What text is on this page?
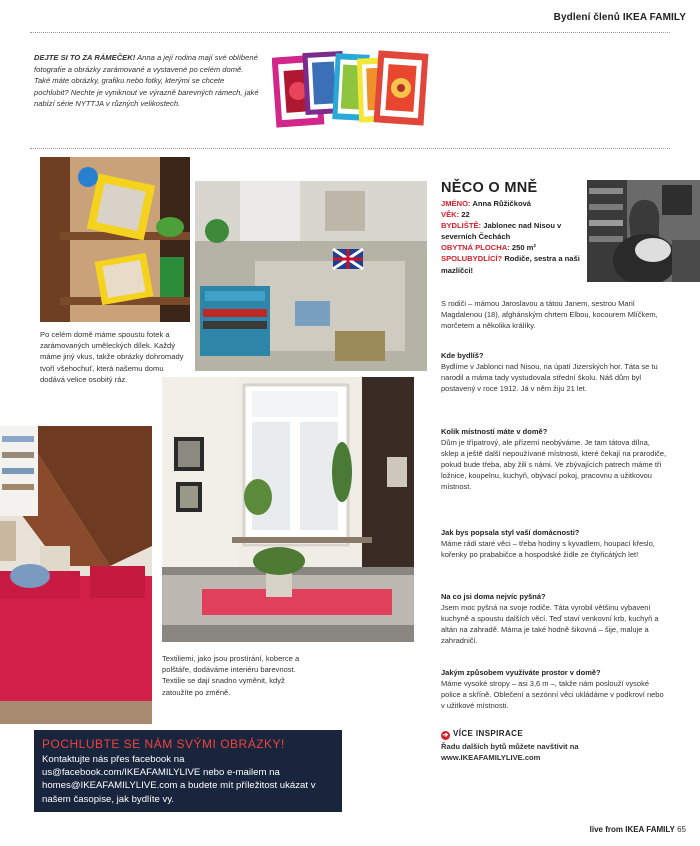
Bydlení členů IKEA FAMILY
DEJTE SI TO ZA RÁMEČEK! Anna a její rodina mají své oblíbené fotografie a obrázky zarámované a vystavené po celém domě. Také máte obrázky, grafiku nebo fotky, kterými se chcete pochlubit? Nechte je vyniknout ve výrazně barevných rámech, jaké nabízí série NYTTJA v různých velikostech.
Po celém domě máme spoustu fotek a zarámovaných uměleckých dílek. Každý máme jiný vkus, takže obrázky dohromady tvoří všehochuť, která našemu domu dodává velice osobitý ráz.
Textiliemi, jako jsou prostírání, koberce a polštáře, dodáváme interiéru barevnost. Textilie se dají snadno vyměnit, když zatoužíte po změně.
NĚCO O MNĚ
JMÉNO: Anna Růžičková
VĚK: 22
BYDLIŠTĚ: Jablonec nad Nisou v severních Čechách
OBYTNÁ PLOCHA: 250 m²
SPOLUBYDLÍCÍ? Rodiče, sestra a naši mazlíčci!
S rodiči – mámou Jaroslavou a tátou Janem, sestrou Marií Magdalenou (18), afghánským chrtem Elbou, kocourem Mlíčkem, morčetem a několika králíky.
Kde bydlíš?
Bydlíme v Jablonci nad Nisou, na úpatí Jizerských hor. Táta se tu narodil a máma tady vystudovala střední školu. Náš dům byl postavený v roce 1912. Já v něm žiju 21 let.
Kolik místností máte v domě?
Dům je třípatrový, ale přízemí neobýváme. Je tam tátova dílna, sklep a ještě další nepoužívané místnosti, které čekají na prarodiče, pokud bude třeba, aby žili s námi. Ve zbývajících patrech máme tři ložnice, koupelnu, kuchyň, obývací pokoj, pracovnu a užitkovou místnost.
Jak bys popsala styl vaší domácnosti?
Máme rádi staré věci – třeba hodiny s kyvadlem, houpací křeslo, kořenky po prababičce a hospodské židle ze čtyřicátých let!
Na co jsi doma nejvíc pyšná?
Jsem moc pyšná na svoje rodiče. Táta vyrobil většinu vybavení kuchyně a spoustu dalších věcí. Teď staví venkovní krb, kuchyň a altán na zahradě. Máma je také hodně šikovná – šije, maluje a zahradničí.
Jakým způsobem využíváte prostor v domě?
Máme vysoké stropy – asi 3,6 m –, takže nám poslouží vysoké police a skříně. Oblečení a sezónní věci ukládáme v podkroví nebo v užitkové místnosti.
POCHLUBTE SE NÁM SVÝMI OBRÁZKY!
Kontaktujte nás přes facebook na us@facebook.com/IKEAFAMILYLIVE nebo e-mailem na homes@IKEAFAMILYLIVE.com a budete mít příležitost ukázat v našem časopise, jak bydlíte vy.
➔ VÍCE INSPIRACE
Řadu dalších bytů můžete navštívit na www.IKEAFAMILYLIVE.com
live from IKEA FAMILY 65
